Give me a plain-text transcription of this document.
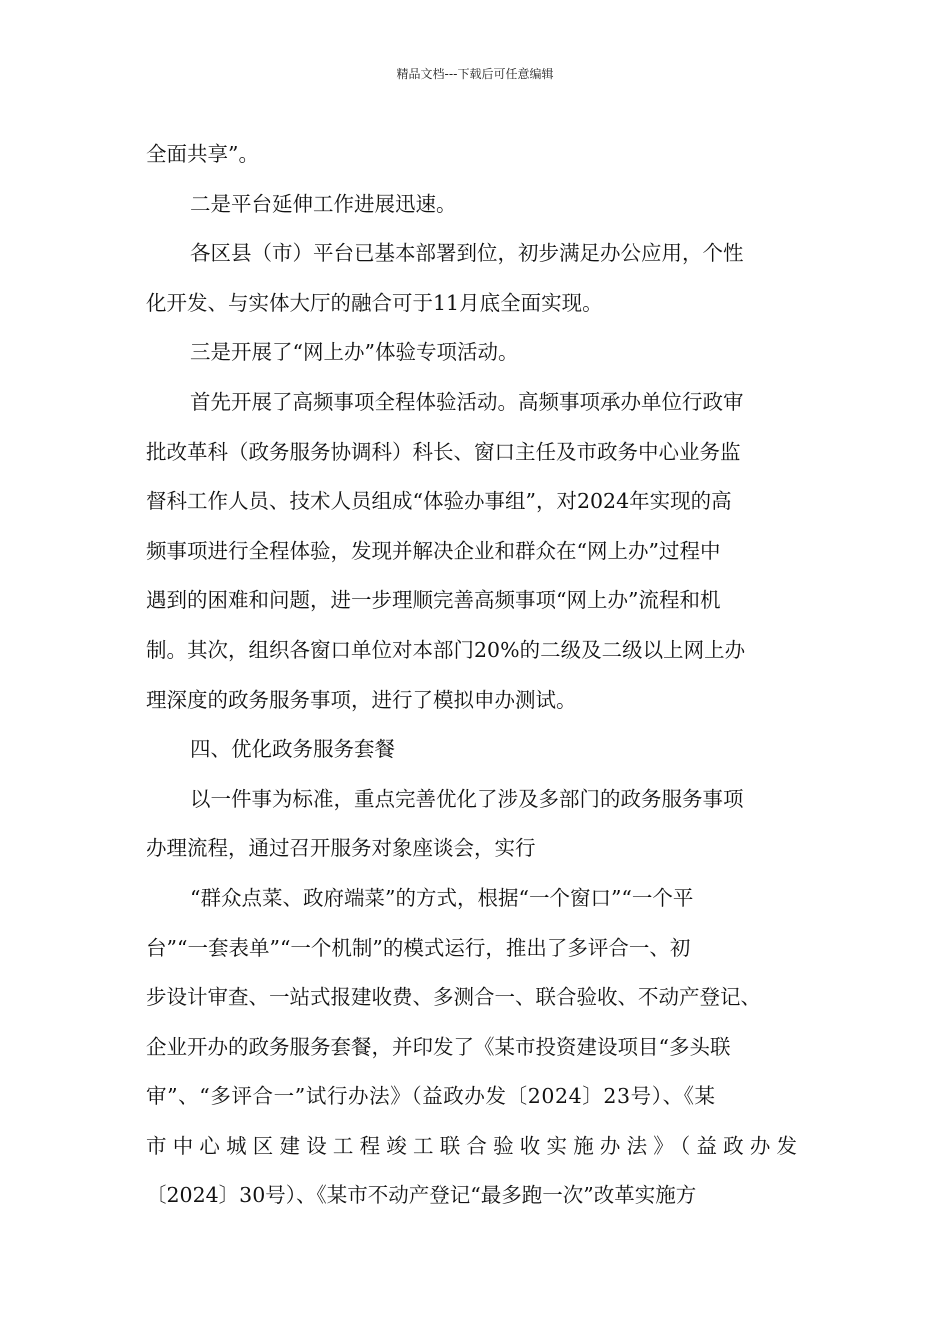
精品文档---下载后可任意编辑
全面共享”。
二是平台延伸工作进展迅速。
各区县（市）平台已基本部署到位，初步满足办公应用，个性
化开发、与实体大厅的融合可于11月底全面实现。
三是开展了“网上办”体验专项活动。
首先开展了高频事项全程体验活动。高频事项承办单位行政审
批改革科（政务服务协调科）科长、窗口主任及市政务中心业务监
督科工作人员、技术人员组成“体验办事组”，对2024年实现的高
频事项进行全程体验，发现并解决企业和群众在“网上办”过程中
遇到的困难和问题，进一步理顺完善高频事项“网上办”流程和机
制。其次，组织各窗口单位对本部门20%的二级及二级以上网上办
理深度的政务服务事项，进行了模拟申办测试。
四、优化政务服务套餐
以一件事为标准，重点完善优化了涉及多部门的政务服务事项
办理流程，通过召开服务对象座谈会，实行
“群众点菜、政府端菜”的方式，根据“一个窗口”“一个平
台”“一套表单”“一个机制”的模式运行，推出了多评合一、初
步设计审查、一站式报建收费、多测合一、联合验收、不动产登记、
企业开办的政务服务套餐，并印发了《某市投资建设项目“多头联
审”、“多评合一”试行办法》（益政办发〔2024〕23号）、《某
市中心城区建设工程竣工联合验收实施办法》（益政办发
〔2024〕30号）、《某市不动产登记“最多跑一次”改革实施方
